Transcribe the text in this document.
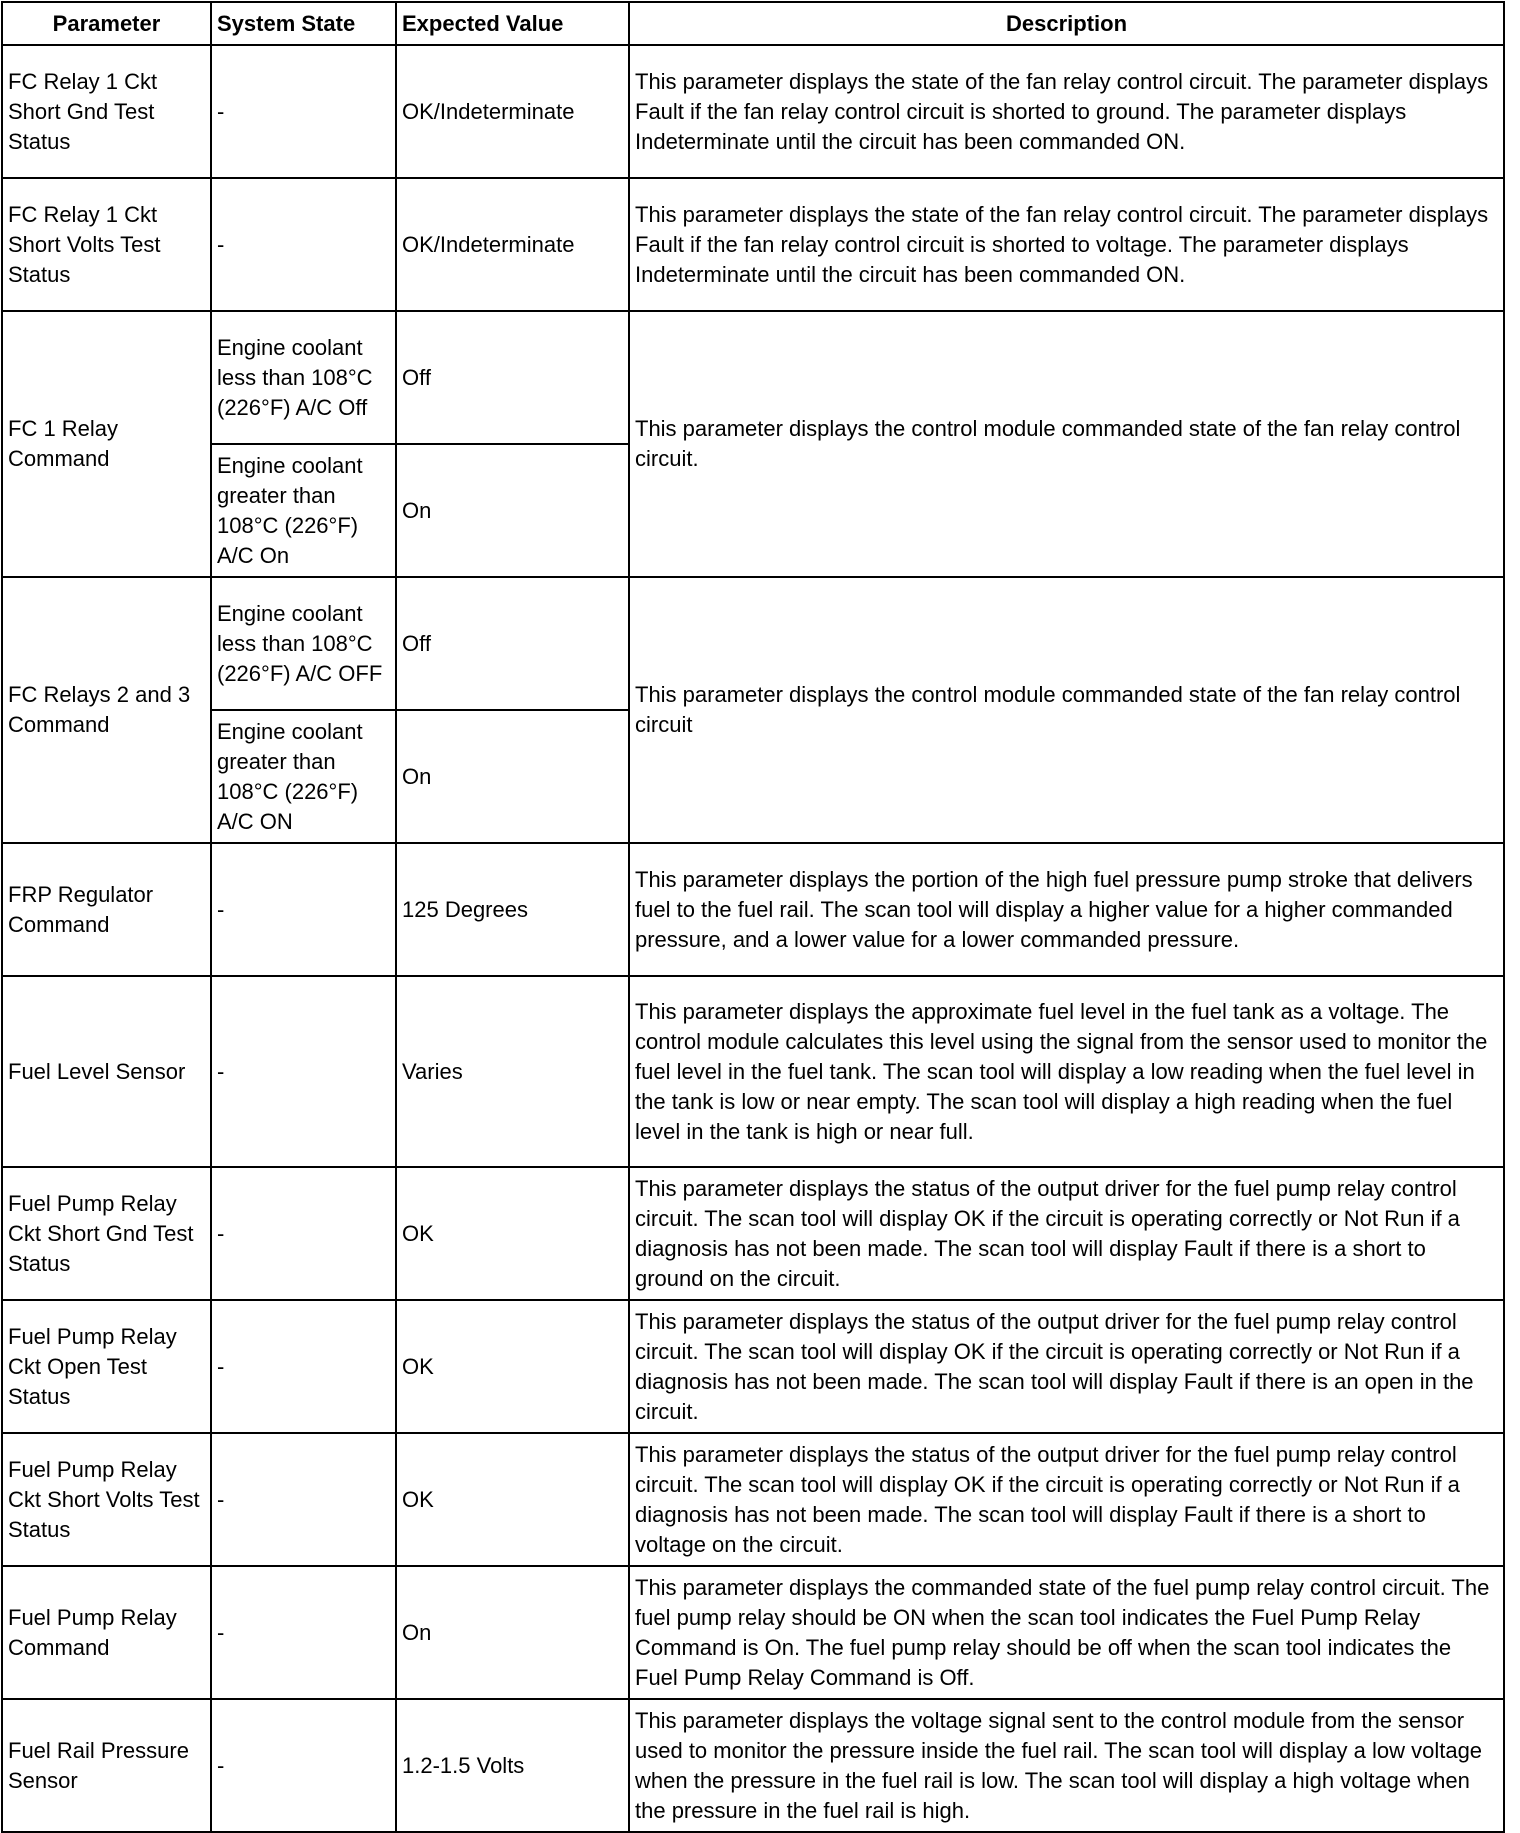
Parameter	System State	Expected Value	Description
FC Relay 1 Ckt Short Gnd Test Status	-	OK/Indeterminate	This parameter displays the state of the fan relay control circuit. The parameter displays Fault if the fan relay control circuit is shorted to ground. The parameter displays Indeterminate until the circuit has been commanded ON.
FC Relay 1 Ckt Short Volts Test Status	-	OK/Indeterminate	This parameter displays the state of the fan relay control circuit. The parameter displays Fault if the fan relay control circuit is shorted to voltage. The parameter displays Indeterminate until the circuit has been commanded ON.
FC 1 Relay Command	Engine coolant less than 108°C (226°F) A/C Off	Off	This parameter displays the control module commanded state of the fan relay control circuit.
	Engine coolant greater than 108°C (226°F) A/C On	On	
FC Relays 2 and 3 Command	Engine coolant less than 108°C (226°F) A/C OFF	Off	This parameter displays the control module commanded state of the fan relay control circuit
	Engine coolant greater than 108°C (226°F) A/C ON	On	
FRP Regulator Command	-	125 Degrees	This parameter displays the portion of the high fuel pressure pump stroke that delivers fuel to the fuel rail. The scan tool will display a higher value for a higher commanded pressure, and a lower value for a lower commanded pressure.
Fuel Level Sensor	-	Varies	This parameter displays the approximate fuel level in the fuel tank as a voltage. The control module calculates this level using the signal from the sensor used to monitor the fuel level in the fuel tank. The scan tool will display a low reading when the fuel level in the tank is low or near empty. The scan tool will display a high reading when the fuel level in the tank is high or near full.
Fuel Pump Relay Ckt Short Gnd Test Status	-	OK	This parameter displays the status of the output driver for the fuel pump relay control circuit. The scan tool will display OK if the circuit is operating correctly or Not Run if a diagnosis has not been made. The scan tool will display Fault if there is a short to ground on the circuit.
Fuel Pump Relay Ckt Open Test Status	-	OK	This parameter displays the status of the output driver for the fuel pump relay control circuit. The scan tool will display OK if the circuit is operating correctly or Not Run if a diagnosis has not been made. The scan tool will display Fault if there is an open in the circuit.
Fuel Pump Relay Ckt Short Volts Test Status	-	OK	This parameter displays the status of the output driver for the fuel pump relay control circuit. The scan tool will display OK if the circuit is operating correctly or Not Run if a diagnosis has not been made. The scan tool will display Fault if there is a short to voltage on the circuit.
Fuel Pump Relay Command	-	On	This parameter displays the commanded state of the fuel pump relay control circuit. The fuel pump relay should be ON when the scan tool indicates the Fuel Pump Relay Command is On. The fuel pump relay should be off when the scan tool indicates the Fuel Pump Relay Command is Off.
Fuel Rail Pressure Sensor	-	1.2-1.5 Volts	This parameter displays the voltage signal sent to the control module from the sensor used to monitor the pressure inside the fuel rail. The scan tool will display a low voltage when the pressure in the fuel rail is low. The scan tool will display a high voltage when the pressure in the fuel rail is high.
